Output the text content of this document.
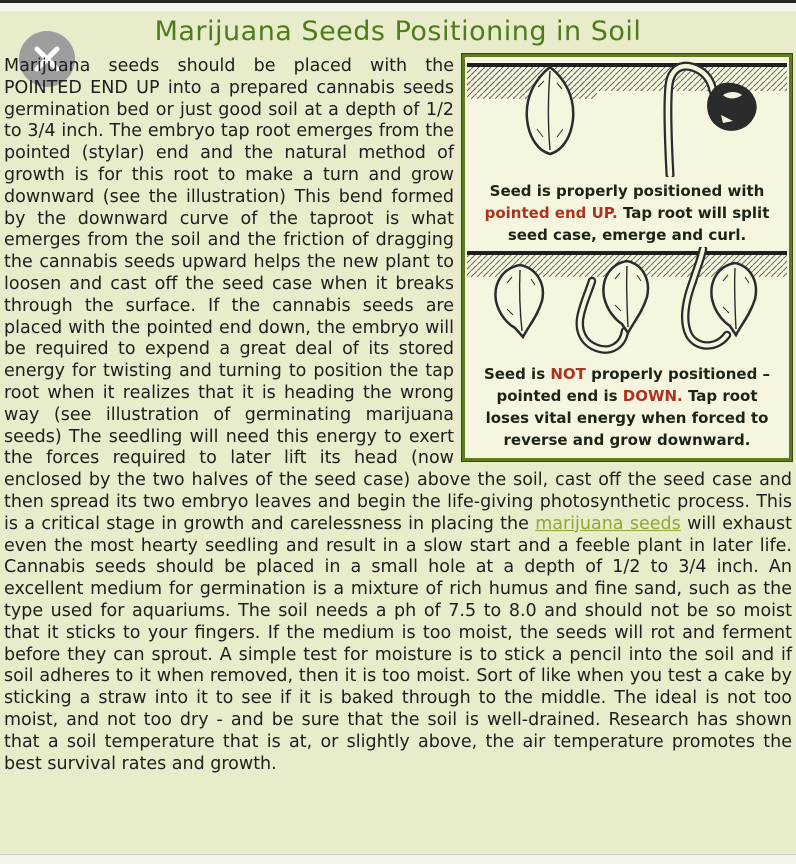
Marijuana Seeds Positioning in Soil
Seed is properly positioned with pointed end UP. Tap root will split seed case, emerge and curl.
Seed is NOT properly positioned – pointed end is DOWN. Tap root loses vital energy when forced to reverse and grow downward.
Marijuana seeds should be placed with the POINTED END UP into a prepared cannabis seeds germination bed or just good soil at a depth of 1/2 to 3/4 inch. The embryo tap root emerges from the pointed (stylar) end and the natural method of growth is for this root to make a turn and grow downward (see the illustration) This bend formed by the downward curve of the taproot is what emerges from the soil and the friction of dragging the cannabis seeds upward helps the new plant to loosen and cast off the seed case when it breaks through the surface. If the cannabis seeds are placed with the pointed end down, the embryo will be required to expend a great deal of its stored energy for twisting and turning to position the tap root when it realizes that it is heading the wrong way (see illustration of germinating marijuana seeds) The seedling will need this energy to exert the forces required to later lift its head (now enclosed by the two halves of the seed case) above the soil, cast off the seed case and then spread its two embryo leaves and begin the life-giving photosynthetic process. This is a critical stage in growth and carelessness in placing the marijuana seeds will exhaust even the most hearty seedling and result in a slow start and a feeble plant in later life. Cannabis seeds should be placed in a small hole at a depth of 1/2 to 3/4 inch. An excellent medium for germination is a mixture of rich humus and fine sand, such as the type used for aquariums. The soil needs a ph of 7.5 to 8.0 and should not be so moist that it sticks to your fingers. If the medium is too moist, the seeds will rot and ferment before they can sprout. A simple test for moisture is to stick a pencil into the soil and if soil adheres to it when removed, then it is too moist. Sort of like when you test a cake by sticking a straw into it to see if it is baked through to the middle. The ideal is not too moist, and not too dry - and be sure that the soil is well-drained. Research has shown that a soil temperature that is at, or slightly above, the air temperature promotes the best survival rates and growth.
